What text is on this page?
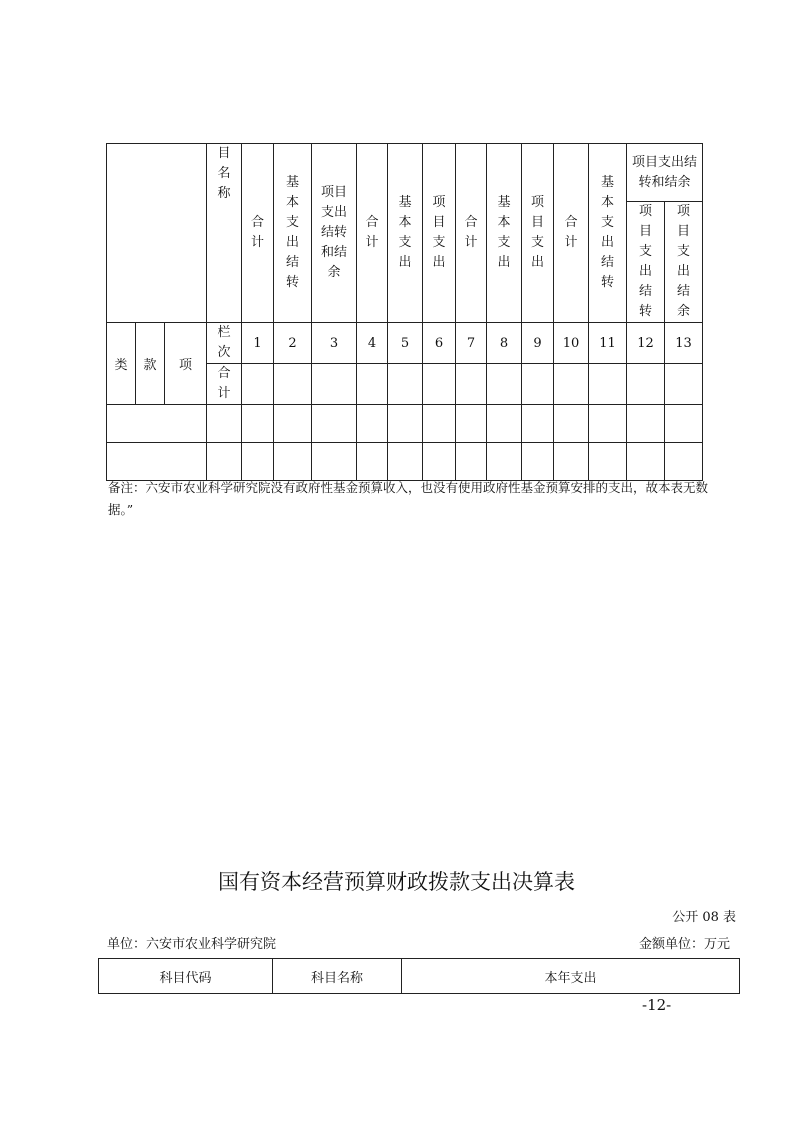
			目名称	合计	基本支出结转	项目支出结转和结余	合计	基本支出	项目支出	合计	基本支出	项目支出	合计	基本支出结转	项目支出结转和结余	
															项目支出结转	项目支出结余
类	款	项	栏次	1	2	3	4	5	6	7	8	9	10	11	12	13
			合计													

备注：六安市农业科学研究院没有政府性基金预算收入，也没有使用政府性基金预算安排的支出，故本表无数据。”
国有资本经营预算财政拨款支出决算表
公开 08 表
单位：六安市农业科学研究院	金额单位：万元
科目代码	科目名称	本年支出
-12-
